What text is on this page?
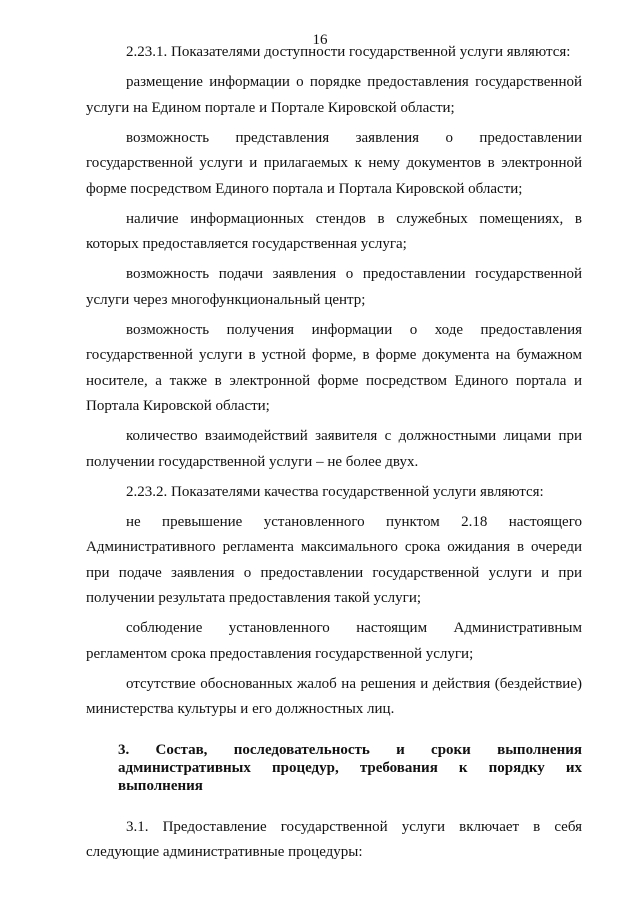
16

2.23.1. Показателями доступности государственной услуги являются:

размещение информации о порядке предоставления государственной услуги на Едином портале и Портале Кировской области;

возможность представления заявления о предоставлении государственной услуги и прилагаемых к нему документов в электронной форме посредством Единого портала и Портала Кировской области;

наличие информационных стендов в служебных помещениях, в которых предоставляется государственная услуга;

возможность подачи заявления о предоставлении государственной услуги через многофункциональный центр;

возможность получения информации о ходе предоставления государственной услуги в устной форме, в форме документа на бумажном носителе, а также в электронной форме посредством Единого портала и Портала Кировской области;

количество взаимодействий заявителя с должностными лицами при получении государственной услуги – не более двух.

2.23.2. Показателями качества государственной услуги являются:

не превышение установленного пунктом 2.18 настоящего Административного регламента максимального срока ожидания в очереди при подаче заявления о предоставлении государственной услуги и при получении результата предоставления такой услуги;

соблюдение установленного настоящим Административным регламентом срока предоставления государственной услуги;

отсутствие обоснованных жалоб на решения и действия (бездействие) министерства культуры и его должностных лиц.

3. Состав, последовательность и сроки выполнения административных процедур, требования к порядку их выполнения

3.1. Предоставление государственной услуги включает в себя следующие административные процедуры:
